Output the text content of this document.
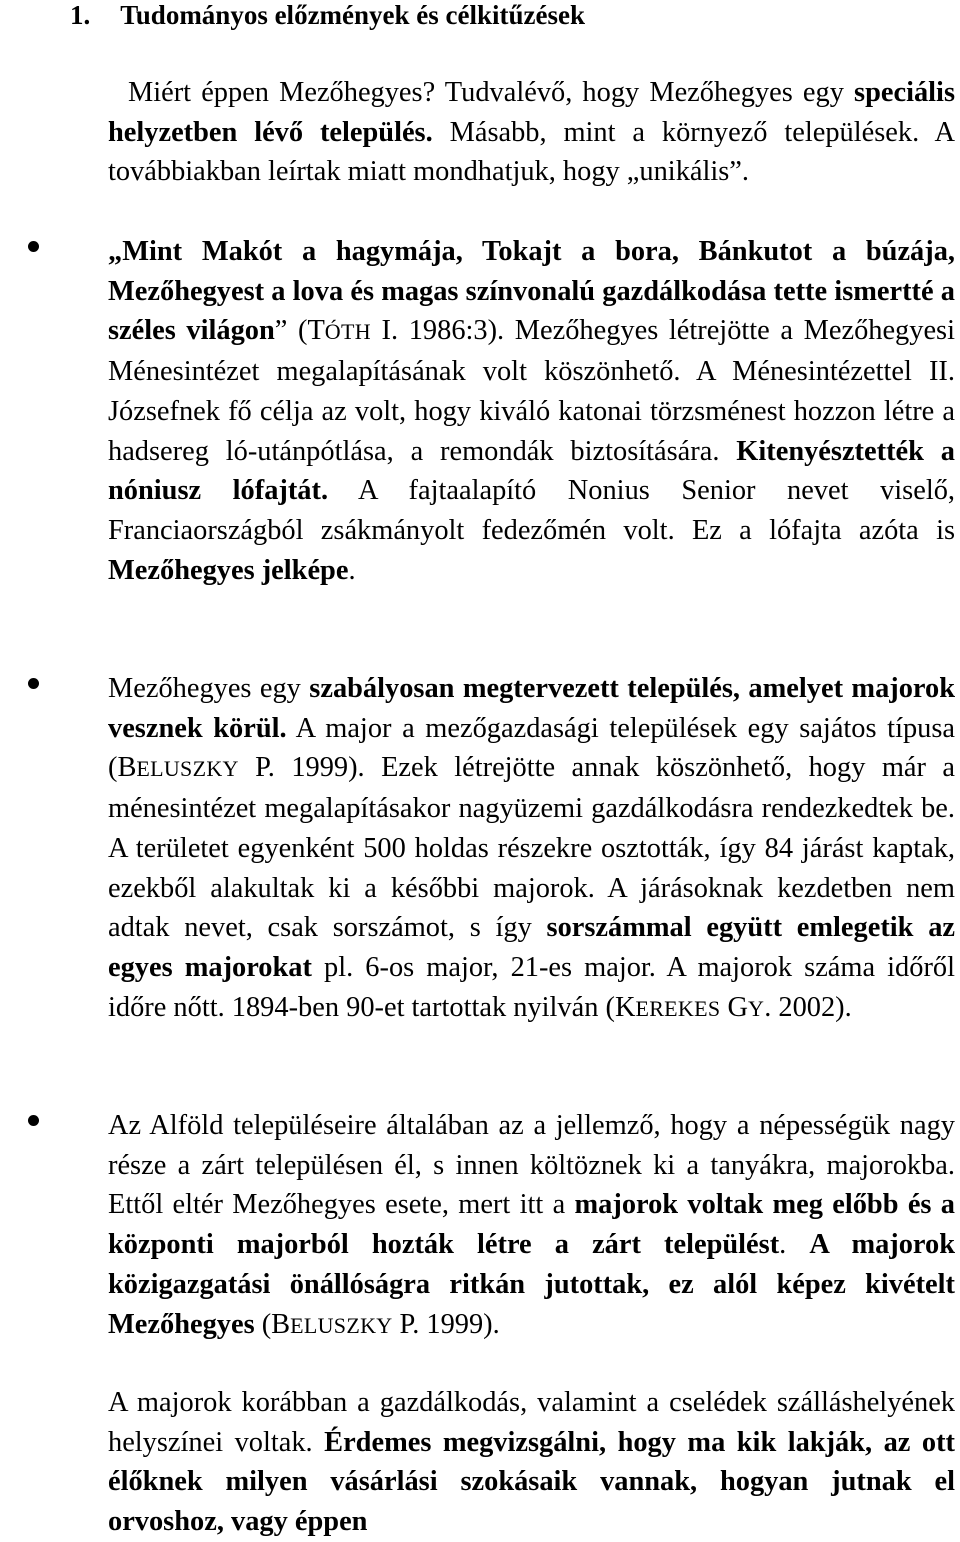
1. Tudományos előzmények és célkitűzések
Miért éppen Mezőhegyes? Tudvalévő, hogy Mezőhegyes egy speciális helyzetben lévő település. Másabb, mint a környező települések. A továbbiakban leírtak miatt mondhatjuk, hogy „unikális”.
„Mint Makót a hagymája, Tokajt a bora, Bánkutot a búzája, Mezőhegyest a lova és magas színvonalú gazdálkodása tette ismertté a széles világon” (TÓTH I. 1986:3). Mezőhegyes létrejötte a Mezőhegyesi Ménesintézet megalapításának volt köszönhető. A Ménesintézettel II. Józsefnek fő célja az volt, hogy kiváló katonai törzsménest hozzon létre a hadsereg ló-utánpótlása, a remondák biztosítására. Kitenyésztették a nóniusz lófajtát. A fajtaalapító Nonius Senior nevet viselő, Franciaországból zsákmányolt fedezőmén volt. Ez a lófajta azóta is Mezőhegyes jelképe.
Mezőhegyes egy szabályosan megtervezett település, amelyet majorok vesznek körül. A major a mezőgazdasági települések egy sajátos típusa (BELUSZKY P. 1999). Ezek létrejötte annak köszönhető, hogy már a ménesintézet megalapításakor nagyüzemi gazdálkodásra rendezkedtek be. A területet egyenként 500 holdas részekre osztották, így 84 járást kaptak, ezekből alakultak ki a későbbi majorok. A járásoknak kezdetben nem adtak nevet, csak sorszámot, s így sorszámmal együtt emlegetik az egyes majorokat pl. 6-os major, 21-es major. A majorok száma időről időre nőtt. 1894-ben 90-et tartottak nyilván (KEREKES GY. 2002).
Az Alföld településeire általában az a jellemző, hogy a népességük nagy része a zárt településen él, s innen költöznek ki a tanyákra, majorokba. Ettől eltér Mezőhegyes esete, mert itt a majorok voltak meg előbb és a központi majorból hozták létre a zárt települést. A majorok közigazgatási önállóságra ritkán jutottak, ez alól képez kivételt Mezőhegyes (BELUSZKY P. 1999).
A majorok korábban a gazdálkodás, valamint a cselédek szálláshelyének helyszínei voltak. Érdemes megvizsgálni, hogy ma kik lakják, az ott élőknek milyen vásárlási szokásaik vannak, hogyan jutnak el orvoshoz, vagy éppen
